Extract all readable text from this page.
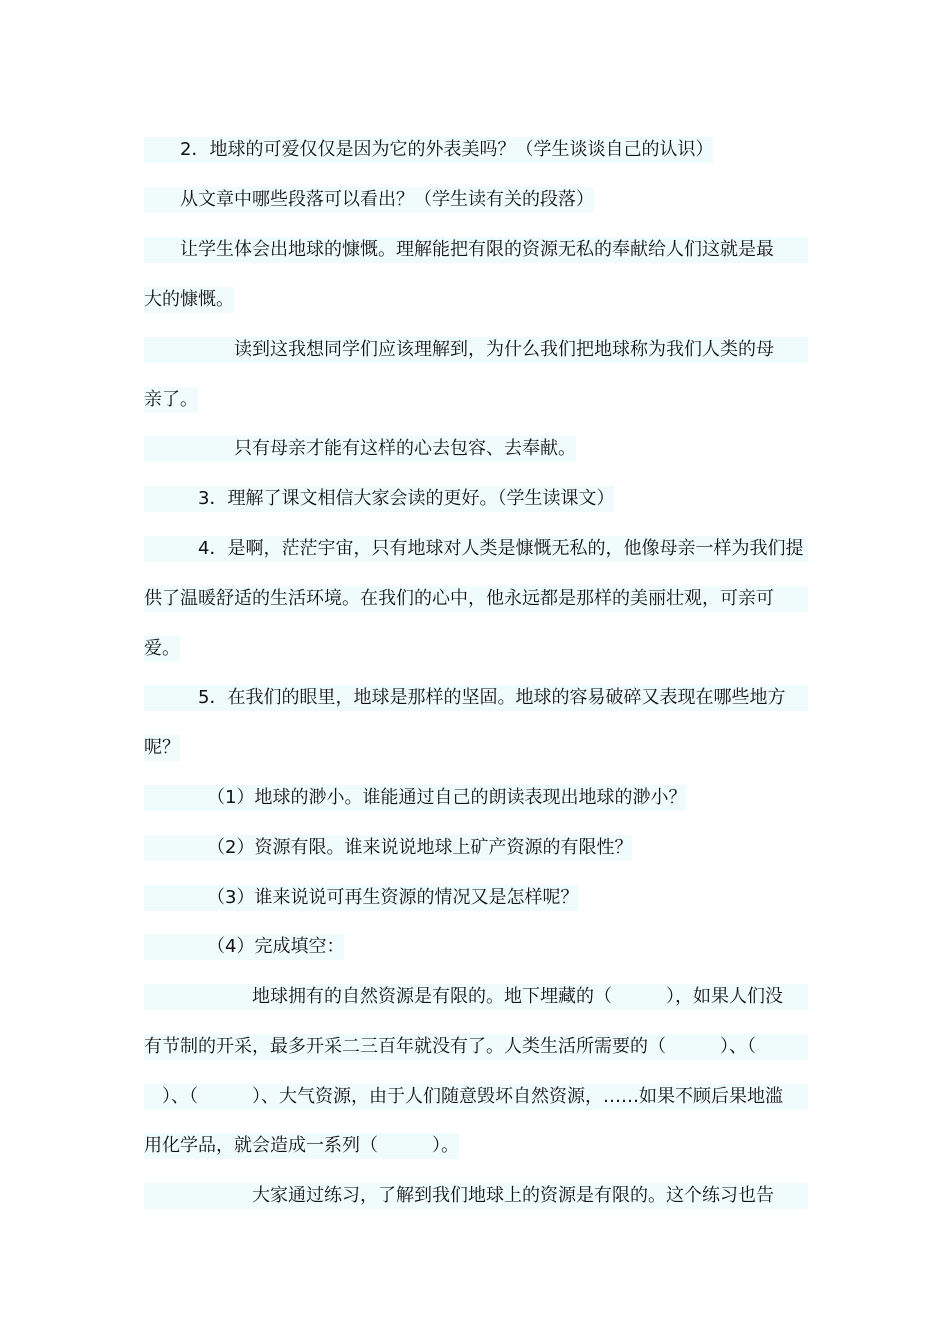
　　2．地球的可爱仅仅是因为它的外表美吗？（学生谈谈自己的认识）
　　从文章中哪些段落可以看出？（学生读有关的段落）
　　让学生体会出地球的慷慨。理解能把有限的资源无私的奉献给人们这就是最
大的慷慨。
　　　　　读到这我想同学们应该理解到，为什么我们把地球称为我们人类的母
亲了。
　　　　　只有母亲才能有这样的心去包容、去奉献。
　　　3．理解了课文相信大家会读的更好。（学生读课文）
　　　4．是啊，茫茫宇宙，只有地球对人类是慷慨无私的，他像母亲一样为我们提
供了温暖舒适的生活环境。在我们的心中，他永远都是那样的美丽壮观，可亲可
爱。
　　　5．在我们的眼里，地球是那样的坚固。地球的容易破碎又表现在哪些地方
呢？
　　　　（1）地球的渺小。谁能通过自己的朗读表现出地球的渺小？
　　　　（2）资源有限。谁来说说地球上矿产资源的有限性？
　　　　（3）谁来说说可再生资源的情况又是怎样呢？
　　　　（4）完成填空：
　　　　　　地球拥有的自然资源是有限的。地下埋藏的（　　　），如果人们没
有节制的开采，最多开采二三百年就没有了。人类生活所需要的（　　　）、（
　）、（　　　）、大气资源，由于人们随意毁坏自然资源，……如果不顾后果地滥
用化学品，就会造成一系列（　　　）。
　　　　　　大家通过练习，了解到我们地球上的资源是有限的。这个练习也告
